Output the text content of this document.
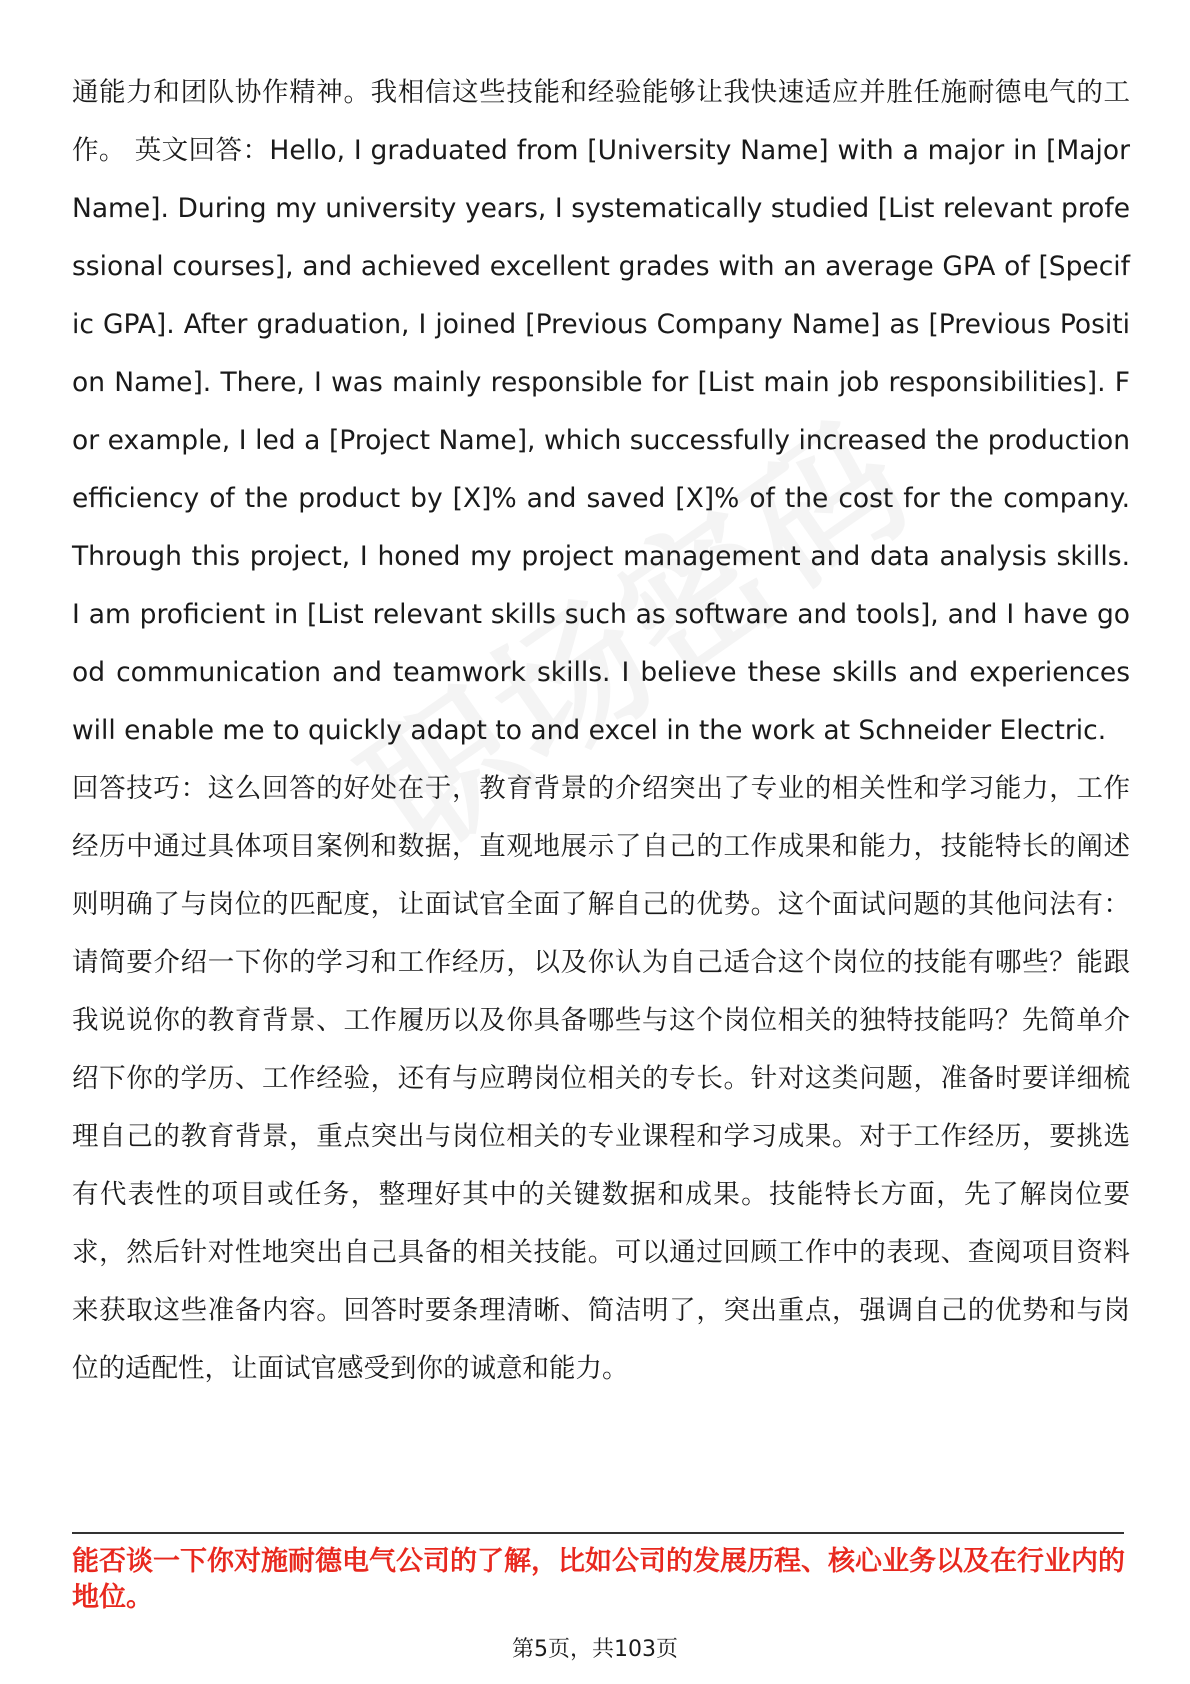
通能力和团队协作精神。我相信这些技能和经验能够让我快速适应并胜任施耐德电气的工作。 英文回答：Hello, I graduated from [University Name] with a major in [Major Name]. During my university years, I systematically studied [List relevant professional courses], and achieved excellent grades with an average GPA of [Specific GPA]. After graduation, I joined [Previous Company Name] as [Previous Position Name]. There, I was mainly responsible for [List main job responsibilities]. For example, I led a [Project Name], which successfully increased the production efficiency of the product by [X]% and saved [X]% of the cost for the company. Through this project, I honed my project management and data analysis skills. I am proficient in [List relevant skills such as software and tools], and I have good communication and teamwork skills. I believe these skills and experiences will enable me to quickly adapt to and excel in the work at Schneider Electric.

回答技巧：这么回答的好处在于，教育背景的介绍突出了专业的相关性和学习能力，工作经历中通过具体项目案例和数据，直观地展示了自己的工作成果和能力，技能特长的阐述则明确了与岗位的匹配度，让面试官全面了解自己的优势。这个面试问题的其他问法有：请简要介绍一下你的学习和工作经历，以及你认为自己适合这个岗位的技能有哪些？能跟我说说你的教育背景、工作履历以及你具备哪些与这个岗位相关的独特技能吗？先简单介绍下你的学历、工作经验，还有与应聘岗位相关的专长。针对这类问题，准备时要详细梳理自己的教育背景，重点突出与岗位相关的专业课程和学习成果。对于工作经历，要挑选有代表性的项目或任务，整理好其中的关键数据和成果。技能特长方面，先了解岗位要求，然后针对性地突出自己具备的相关技能。可以通过回顾工作中的表现、查阅项目资料来获取这些准备内容。回答时要条理清晰、简洁明了，突出重点，强调自己的优势和与岗位的适配性，让面试官感受到你的诚意和能力。

能否谈一下你对施耐德电气公司的了解，比如公司的发展历程、核心业务以及在行业内的地位。

第5页，共103页
